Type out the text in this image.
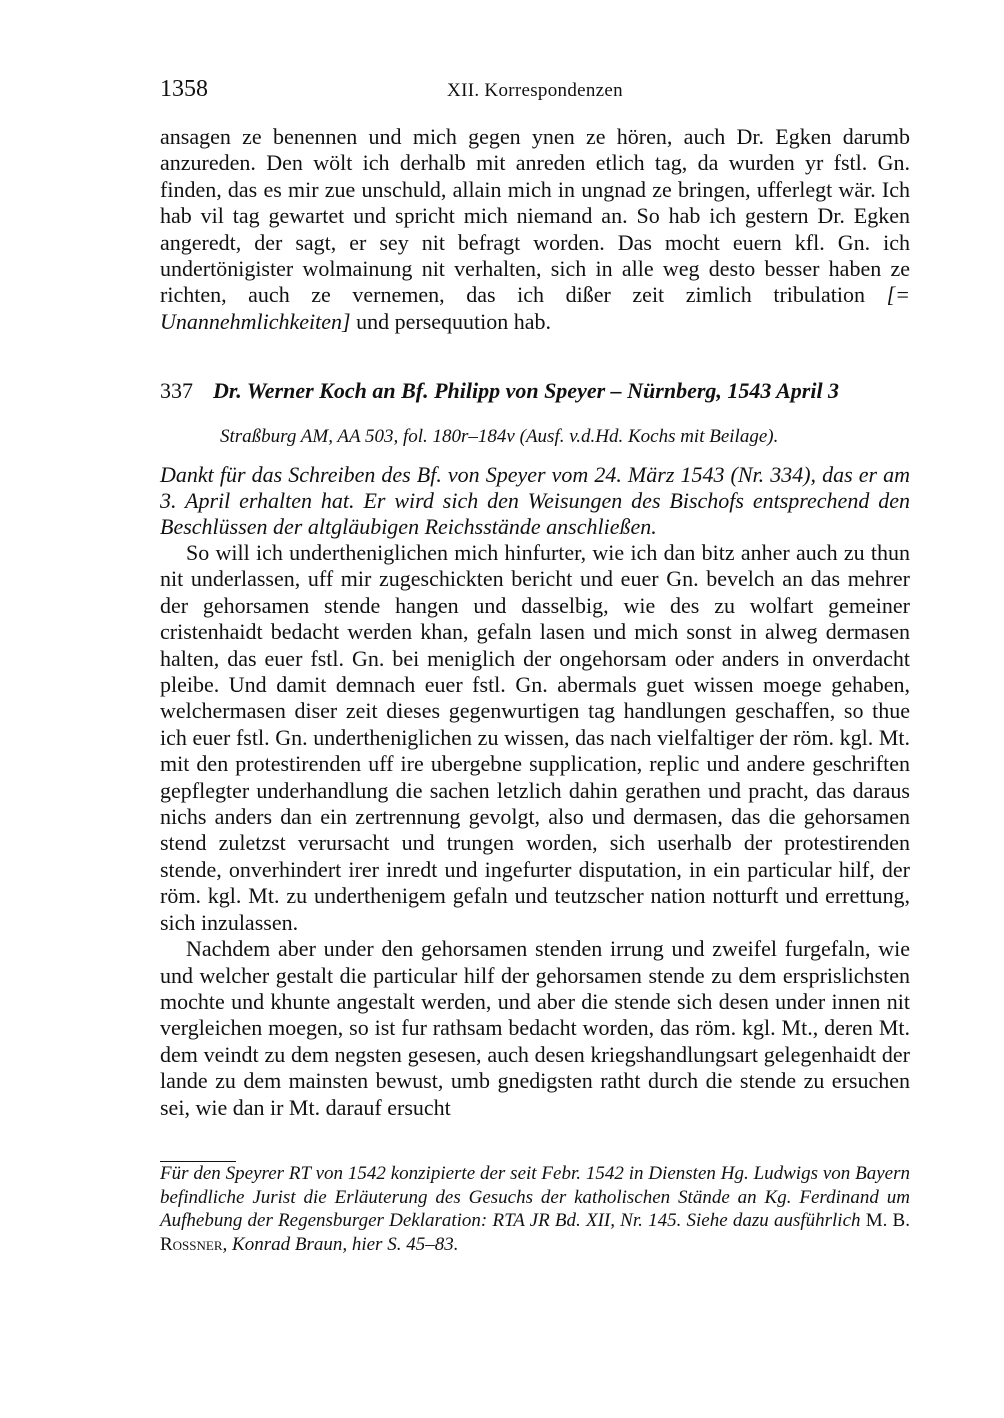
1358	XII. Korrespondenzen

ansagen ze benennen und mich gegen ynen ze hören, auch Dr. Egken darumb anzureden. Den wölt ich derhalb mit anreden etlich tag, da wurden yr fstl. Gn. finden, das es mir zue unschuld, allain mich in ungnad ze bringen, ufferlegt wär. Ich hab vil tag gewartet und spricht mich niemand an. So hab ich gestern Dr. Egken angeredt, der sagt, er sey nit befragt worden. Das mocht euern kfl. Gn. ich undertönigister wolmainung nit verhalten, sich in alle weg desto besser haben ze richten, auch ze vernemen, das ich dißer zeit zimlich tribulation [= Unannehmlichkeiten] und persequution hab.

337 Dr. Werner Koch an Bf. Philipp von Speyer – Nürnberg, 1543 April 3
Straßburg AM, AA 503, fol. 180r–184v (Ausf. v.d.Hd. Kochs mit Beilage).
Dankt für das Schreiben des Bf. von Speyer vom 24. März 1543 (Nr. 334), das er am 3. April erhalten hat. Er wird sich den Weisungen des Bischofs entsprechend den Beschlüssen der altgläubigen Reichsstände anschließen.

So will ich undertheniglichen mich hinfurter, wie ich dan bitz anher auch zu thun nit underlassen, uff mir zugeschickten bericht und euer Gn. bevelch an das mehrer der gehorsamen stende hangen und dasselbig, wie des zu wolfart gemeiner cristenhaidt bedacht werden khan, gefaln lasen und mich sonst in alweg dermasen halten, das euer fstl. Gn. bei meniglich der ongehorsam oder anders in onverdacht pleibe. Und damit demnach euer fstl. Gn. abermals guet wissen moege gehaben, welchermasen diser zeit dieses gegenwurtigen tag handlungen geschaffen, so thue ich euer fstl. Gn. undertheniglichen zu wissen, das nach vielfaltiger der röm. kgl. Mt. mit den protestirenden uff ire ubergebne supplication, replic und andere geschriften gepflegter underhandlung die sachen letzlich dahin gerathen und pracht, das daraus nichs anders dan ein zertrennung gevolgt, also und dermasen, das die gehorsamen stend zuletzst verursacht und trungen worden, sich userhalb der protestirenden stende, onverhindert irer inredt und ingefurter disputation, in ein particular hilf, der röm. kgl. Mt. zu underthenigem gefaln und teutzscher nation notturft und errettung, sich inzulassen.

Nachdem aber under den gehorsamen stenden irrung und zweifel furgefaln, wie und welcher gestalt die particular hilf der gehorsamen stende zu dem ersprislichsten mochte und khunte angestalt werden, und aber die stende sich desen under innen nit vergleichen moegen, so ist fur rathsam bedacht worden, das röm. kgl. Mt., deren Mt. dem veindt zu dem negsten gesesen, auch desen kriegshandlungsart gelegenhaidt der lande zu dem mainsten bewust, umb gnedigsten ratht durch die stende zu ersuchen sei, wie dan ir Mt. darauf ersucht

Für den Speyrer RT von 1542 konzipierte der seit Febr. 1542 in Diensten Hg. Ludwigs von Bayern befindliche Jurist die Erläuterung des Gesuchs der katholischen Stände an Kg. Ferdinand um Aufhebung der Regensburger Deklaration: RTA JR Bd. XII, Nr. 145. Siehe dazu ausführlich M. B. Rossner, Konrad Braun, hier S. 45–83.
